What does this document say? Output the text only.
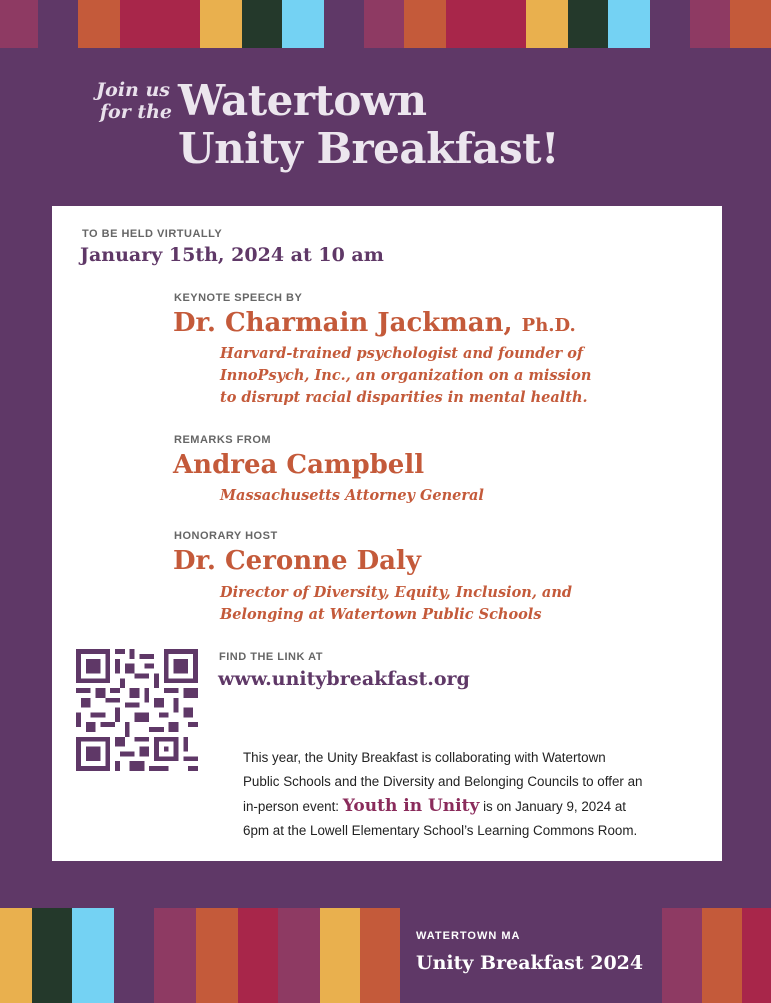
Join us
for the Watertown
Unity Breakfast!
TO BE HELD VIRTUALLY
January 15th, 2024 at 10 am
KEYNOTE SPEECH BY
Dr. Charmain Jackman, Ph.D.
Harvard-trained psychologist and founder of
InnoPsych, Inc., an organization on a mission
to disrupt racial disparities in mental health.
REMARKS FROM
Andrea Campbell
Massachusetts Attorney General
HONORARY HOST
Dr. Ceronne Daly
Director of Diversity, Equity, Inclusion, and
Belonging at Watertown Public Schools
FIND THE LINK AT
www.unitybreakfast.org
This year, the Unity Breakfast is collaborating with Watertown
Public Schools and the Diversity and Belonging Councils to offer an
in-person event: Youth in Unity is on January 9, 2024 at
6pm at the Lowell Elementary School’s Learning Commons Room.
WATERTOWN MA
Unity Breakfast 2024
